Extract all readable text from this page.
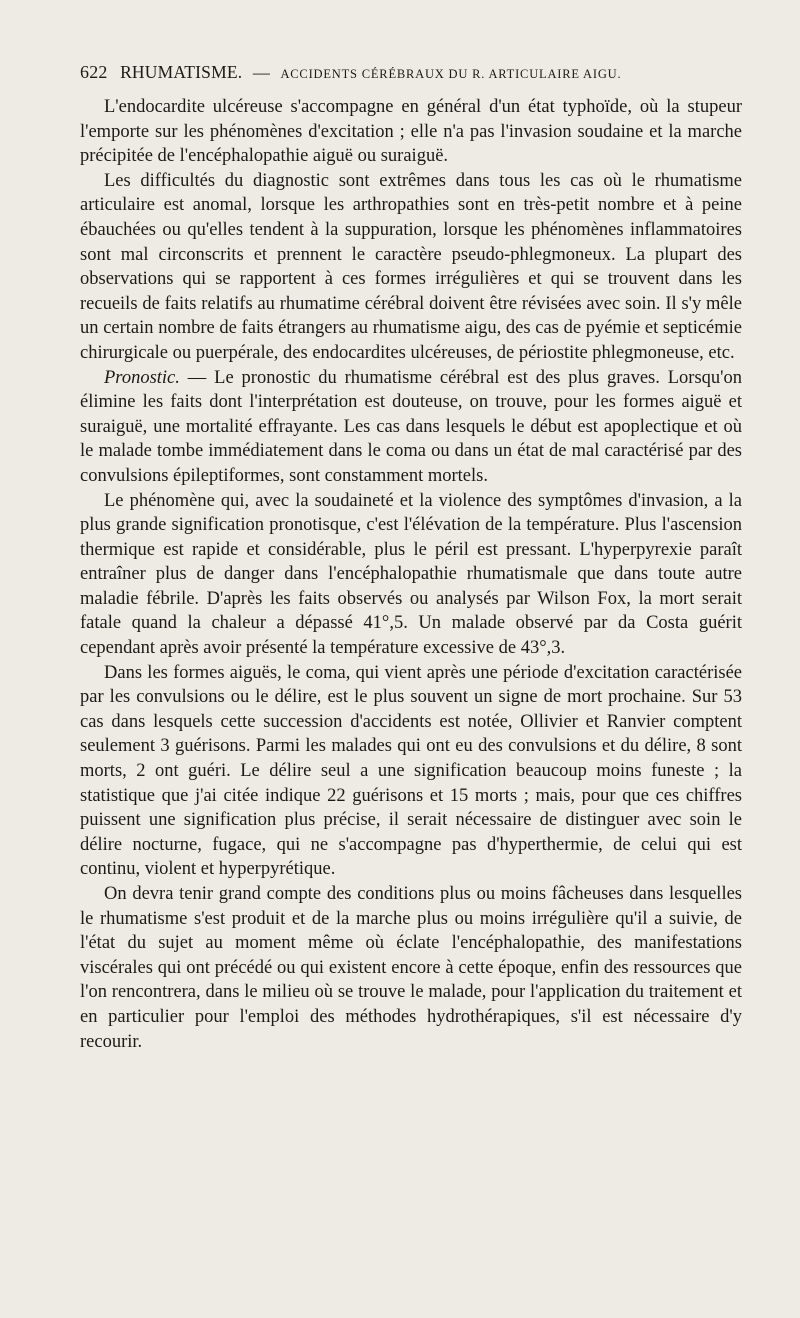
622 RHUMATISME. — ACCIDENTS CÉRÉBRAUX DU R. ARTICULAIRE AIGU.

L'endocardite ulcéreuse s'accompagne en général d'un état typhoïde, où la stupeur l'emporte sur les phénomènes d'excitation ; elle n'a pas l'invasion soudaine et la marche précipitée de l'encéphalopathie aiguë ou suraiguë.

Les difficultés du diagnostic sont extrêmes dans tous les cas où le rhumatisme articulaire est anomal, lorsque les arthropathies sont en très-petit nombre et à peine ébauchées ou qu'elles tendent à la suppuration, lorsque les phénomènes inflammatoires sont mal circonscrits et prennent le caractère pseudo-phlegmoneux. La plupart des observations qui se rapportent à ces formes irrégulières et qui se trouvent dans les recueils de faits relatifs au rhumatime cérébral doivent être révisées avec soin. Il s'y mêle un certain nombre de faits étrangers au rhumatisme aigu, des cas de pyémie et septicémie chirurgicale ou puerpérale, des endocardites ulcéreuses, de périostite phlegmoneuse, etc.

Pronostic. — Le pronostic du rhumatisme cérébral est des plus graves. Lorsqu'on élimine les faits dont l'interprétation est douteuse, on trouve, pour les formes aiguë et suraiguë, une mortalité effrayante. Les cas dans lesquels le début est apoplectique et où le malade tombe immédiatement dans le coma ou dans un état de mal caractérisé par des convulsions épileptiformes, sont constamment mortels.

Le phénomène qui, avec la soudaineté et la violence des symptômes d'invasion, a la plus grande signification pronotisque, c'est l'élévation de la température. Plus l'ascension thermique est rapide et considérable, plus le péril est pressant. L'hyperpyrexie paraît entraîner plus de danger dans l'encéphalopathie rhumatismale que dans toute autre maladie fébrile. D'après les faits observés ou analysés par Wilson Fox, la mort serait fatale quand la chaleur a dépassé 41°,5. Un malade observé par da Costa guérit cependant après avoir présenté la température excessive de 43°,3.

Dans les formes aiguës, le coma, qui vient après une période d'excitation caractérisée par les convulsions ou le délire, est le plus souvent un signe de mort prochaine. Sur 53 cas dans lesquels cette succession d'accidents est notée, Ollivier et Ranvier comptent seulement 3 guérisons. Parmi les malades qui ont eu des convulsions et du délire, 8 sont morts, 2 ont guéri. Le délire seul a une signification beaucoup moins funeste ; la statistique que j'ai citée indique 22 guérisons et 15 morts ; mais, pour que ces chiffres puissent une signification plus précise, il serait nécessaire de distinguer avec soin le délire nocturne, fugace, qui ne s'accompagne pas d'hyperthermie, de celui qui est continu, violent et hyperpyrétique.

On devra tenir grand compte des conditions plus ou moins fâcheuses dans lesquelles le rhumatisme s'est produit et de la marche plus ou moins irrégulière qu'il a suivie, de l'état du sujet au moment même où éclate l'encéphalopathie, des manifestations viscérales qui ont précédé ou qui existent encore à cette époque, enfin des ressources que l'on rencontrera, dans le milieu où se trouve le malade, pour l'application du traitement et en particulier pour l'emploi des méthodes hydrothérapiques, s'il est nécessaire d'y recourir.
